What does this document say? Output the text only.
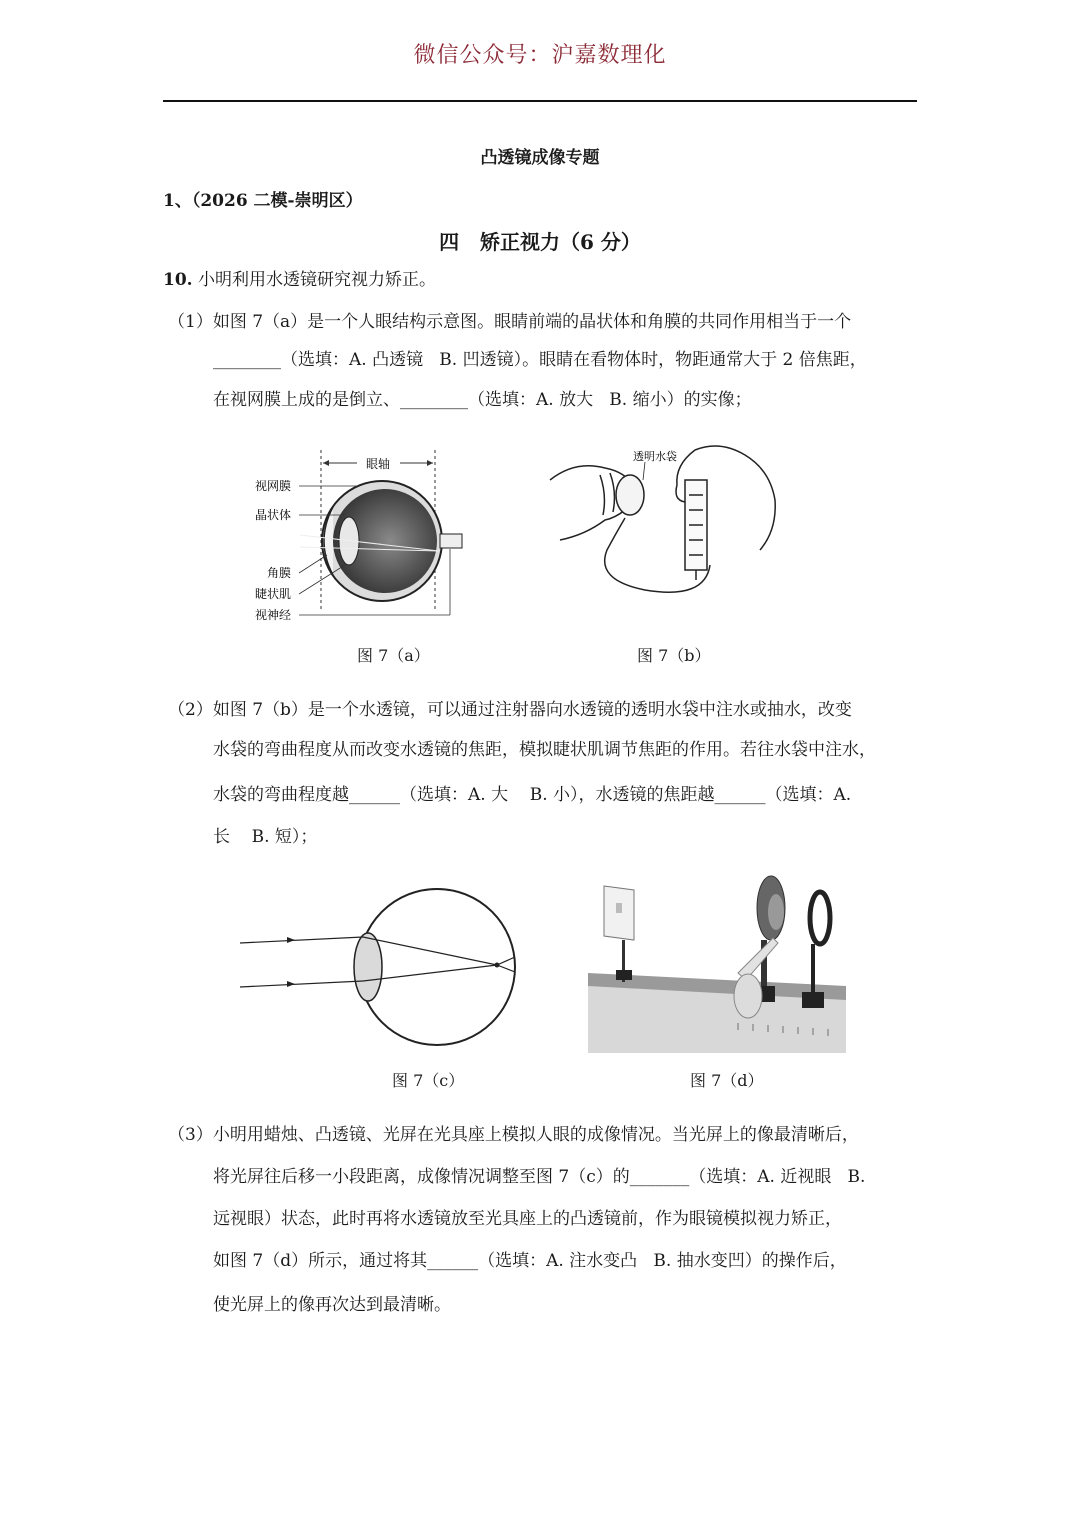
微信公众号：沪嘉数理化
凸透镜成像专题
1、（2026 二模-崇明区）
四   矫正视力（6 分）
10. 小明利用水透镜研究视力矫正。
（1）如图 7（a）是一个人眼结构示意图。眼睛前端的晶状体和角膜的共同作用相当于一个
________（选填：A. 凸透镜   B. 凹透镜）。眼睛在看物体时，物距通常大于 2 倍焦距，
在视网膜上成的是倒立、________（选填：A. 放大   B. 缩小）的实像；
眼轴
视网膜
晶状体
角膜
睫状肌
视神经
图 7（a）
透明水袋
图 7（b）
（2）如图 7（b）是一个水透镜，可以通过注射器向水透镜的透明水袋中注水或抽水，改变
水袋的弯曲程度从而改变水透镜的焦距，模拟睫状肌调节焦距的作用。若往水袋中注水，
水袋的弯曲程度越______（选填：A. 大    B. 小），水透镜的焦距越______（选填：A.
长    B. 短）；
图 7（c）	图 7（d）
（3）小明用蜡烛、凸透镜、光屏在光具座上模拟人眼的成像情况。当光屏上的像最清晰后，
将光屏往后移一小段距离，成像情况调整至图 7（c）的_______（选填：A. 近视眼   B.
远视眼）状态，此时再将水透镜放至光具座上的凸透镜前，作为眼镜模拟视力矫正，
如图 7（d）所示，通过将其______（选填：A. 注水变凸   B. 抽水变凹）的操作后，
使光屏上的像再次达到最清晰。
